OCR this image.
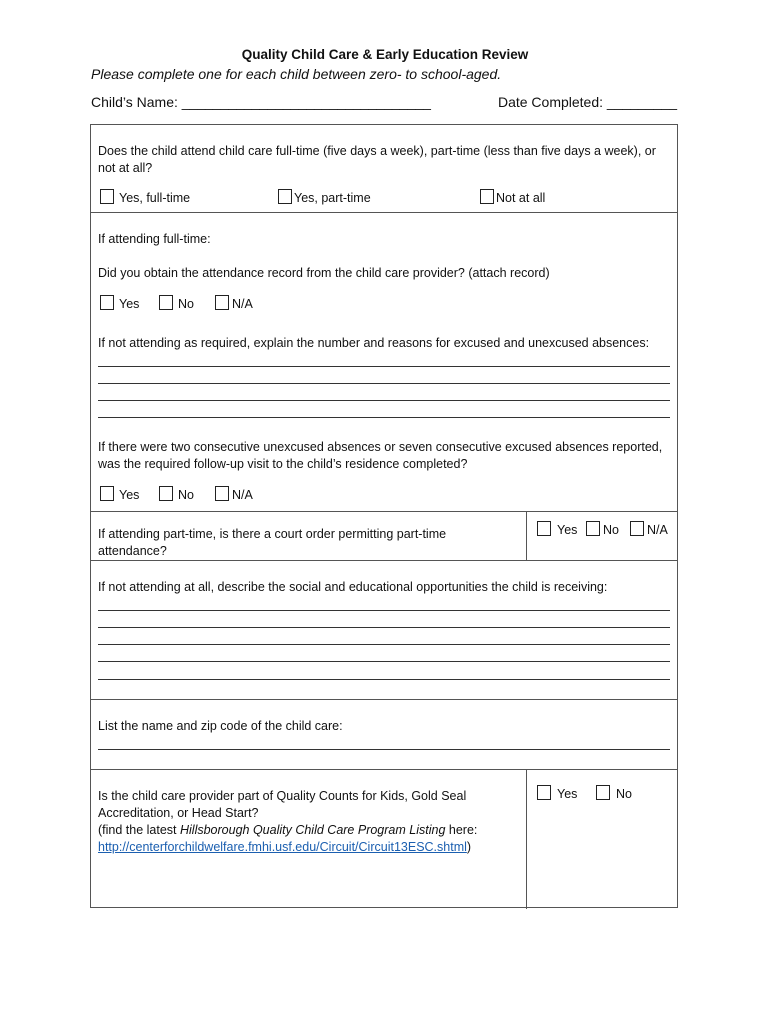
Quality Child Care & Early Education Review
Please complete one for each child between zero- to school-aged.
Child’s Name: ________________________________	Date Completed: _________
Does the child attend child care full-time (five days a week), part-time (less than five days a week), or not at all?
Yes, full-time	Yes, part-time	Not at all
If attending full-time:
Did you obtain the attendance record from the child care provider? (attach record)
Yes	No	N/A
If not attending as required, explain the number and reasons for excused and unexcused absences:
If there were two consecutive unexcused absences or seven consecutive excused absences reported, was the required follow-up visit to the child’s residence completed?
Yes	No	N/A
If attending part-time, is there a court order permitting part-time attendance?
Yes	No	N/A
If not attending at all, describe the social and educational opportunities the child is receiving:
List the name and zip code of the child care:
Is the child care provider part of Quality Counts for Kids, Gold Seal
Accreditation, or Head Start?
(find the latest Hillsborough Quality Child Care Program Listing here:
http://centerforchildwelfare.fmhi.usf.edu/Circuit/Circuit13ESC.shtml)
Yes	No
